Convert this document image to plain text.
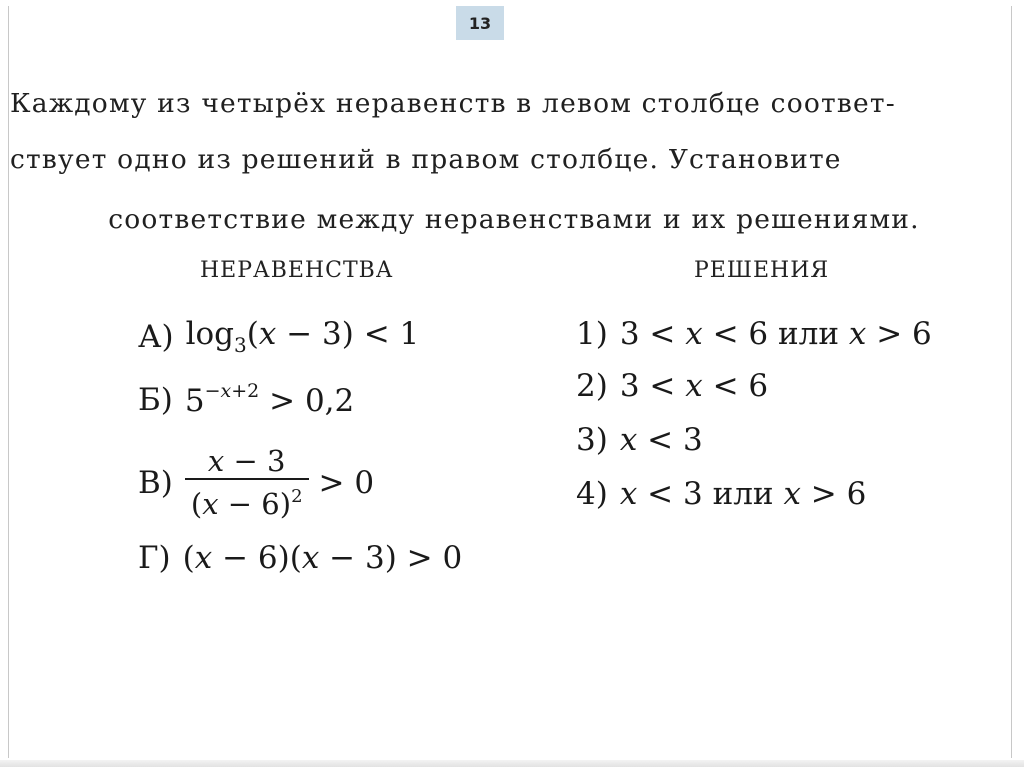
13
Каждому из четырёх неравенств в левом столбце соответ-
ствует одно из решений в правом столбце. Установите
соответствие между неравенствами и их решениями.
НЕРАВЕНСТВА	РЕШЕНИЯ
А) $\log_3(x - 3) < 1$
Б) $5^{-x+2} > 0,2$
$В) \frac{x - 3}{(x - 6)^2} > 0$
Г) (x − 6)(x − 3) > 0
1) 3 < x < 6 или x > 6
2) 3 < x < 6
3) x < 3
4) x < 3 или x > 6
